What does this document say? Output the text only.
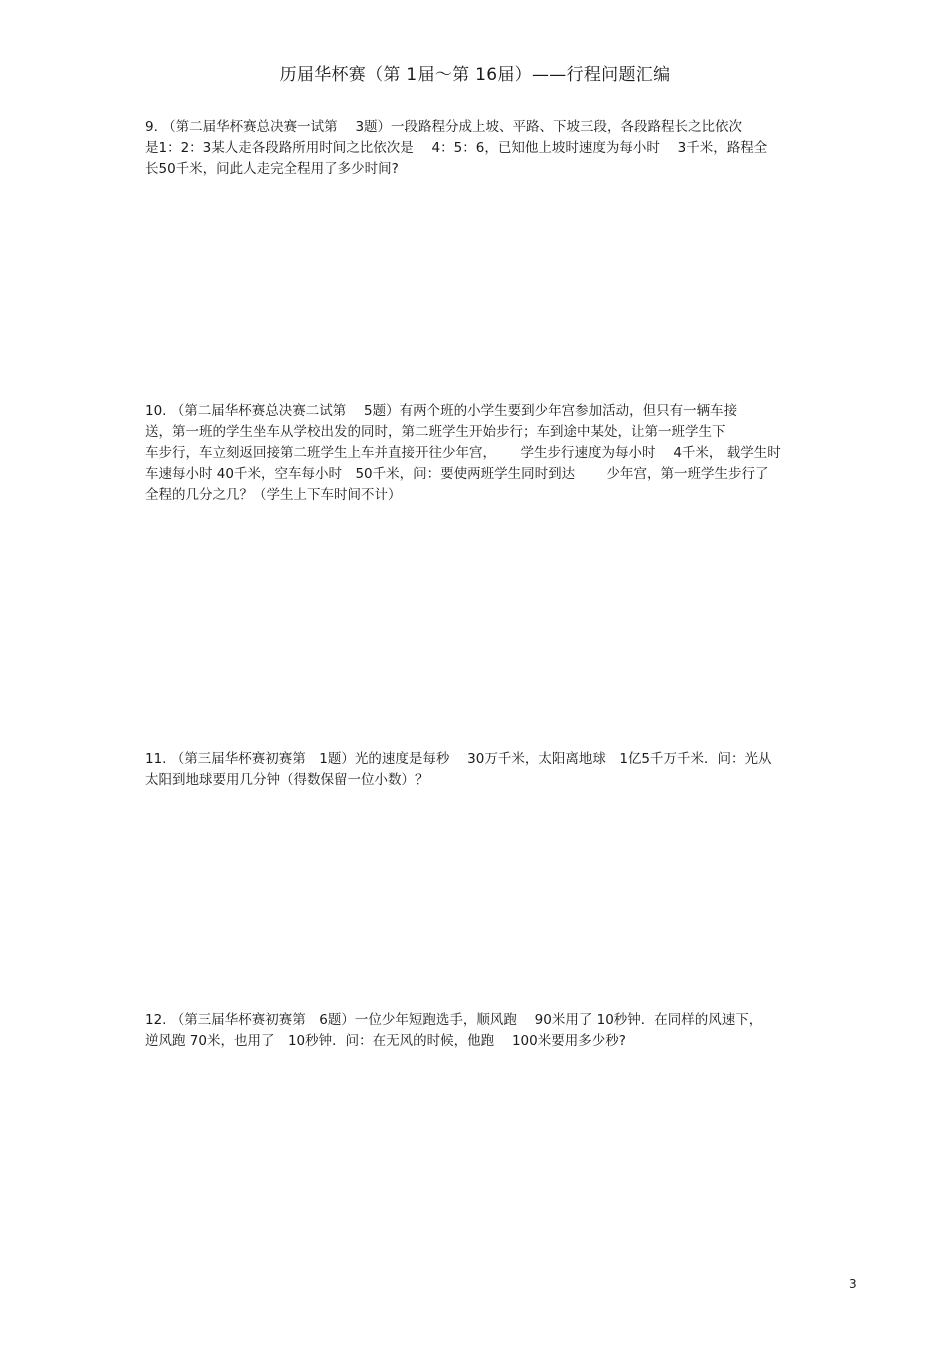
历届华杯赛（第 1届～第 16届）——行程问题汇编
9. （第二届华杯赛总决赛一试第　 3题）一段路程分成上坡、平路、下坡三段，各段路程长之比依次
是1：2：3某人走各段路所用时间之比依次是　 4：5：6，已知他上坡时速度为每小时　 3千米，路程全
长50千米，问此人走完全程用了多少时间?
10. （第二届华杯赛总决赛二试第　 5题）有两个班的小学生要到少年宫参加活动，但只有一辆车接
送，第一班的学生坐车从学校出发的同时，第二班学生开始步行；车到途中某处，让第一班学生下
车步行，车立刻返回接第二班学生上车并直接开往少年宫，　　 学生步行速度为每小时　 4千米， 载学生时
车速每小时 40千米，空车每小时　50千米，问：要使两班学生同时到达　　 少年宫，第一班学生步行了
全程的几分之几？（学生上下车时间不计）
11. （第三届华杯赛初赛第　1题）光的速度是每秒　 30万千米，太阳离地球　1亿5千万千米．问：光从
太阳到地球要用几分钟（得数保留一位小数）？
12. （第三届华杯赛初赛第　6题）一位少年短跑选手，顺风跑　 90米用了 10秒钟．在同样的风速下，
逆风跑 70米，也用了　10秒钟．问：在无风的时候，他跑　 100米要用多少秒?
3
